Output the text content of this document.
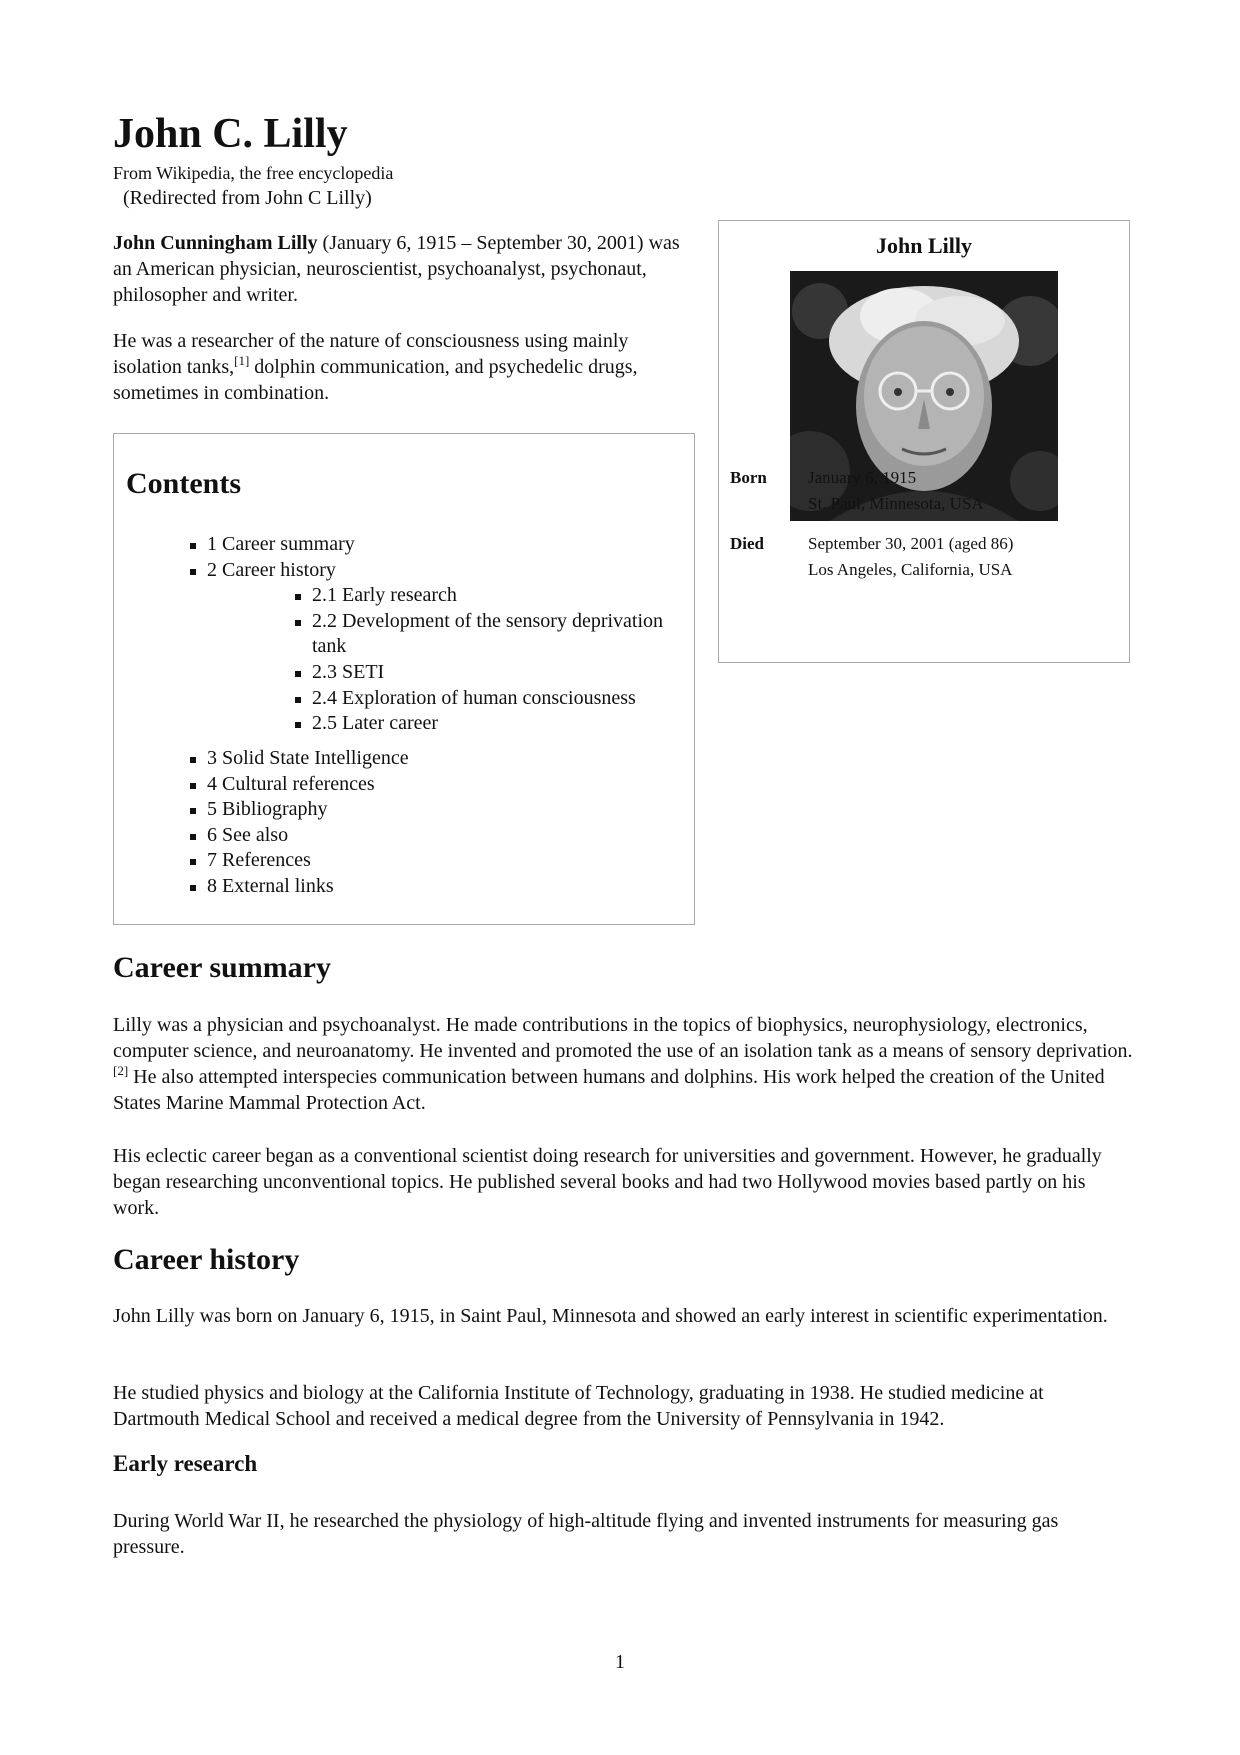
John C. Lilly
From Wikipedia, the free encyclopedia
(Redirected from John C Lilly)

John Cunningham Lilly (January 6, 1915 – September 30, 2001) was an American physician, neuroscientist, psychoanalyst, psychonaut, philosopher and writer.

He was a researcher of the nature of consciousness using mainly isolation tanks,[1] dolphin communication, and psychedelic drugs, sometimes in combination.

Contents
1 Career summary
2 Career history
2.1 Early research
2.2 Development of the sensory deprivation tank
2.3 SETI
2.4 Exploration of human consciousness
2.5 Later career
3 Solid State Intelligence
4 Cultural references
5 Bibliography
6 See also
7 References
8 External links
John Lilly
Born	January 6, 1915
St. Paul, Minnesota, USA
Died	September 30, 2001 (aged 86)
Los Angeles, California, USA
Career summary

Lilly was a physician and psychoanalyst. He made contributions in the topics of biophysics, neurophysiology, electronics, computer science, and neuroanatomy. He invented and promoted the use of an isolation tank as a means of sensory deprivation.[2] He also attempted interspecies communication between humans and dolphins. His work helped the creation of the United States Marine Mammal Protection Act.

His eclectic career began as a conventional scientist doing research for universities and government. However, he gradually began researching unconventional topics. He published several books and had two Hollywood movies based partly on his work.

Career history

John Lilly was born on January 6, 1915, in Saint Paul, Minnesota and showed an early interest in scientific experimentation.

He studied physics and biology at the California Institute of Technology, graduating in 1938. He studied medicine at Dartmouth Medical School and received a medical degree from the University of Pennsylvania in 1942.

Early research

During World War II, he researched the physiology of high-altitude flying and invented instruments for measuring gas pressure.

1
